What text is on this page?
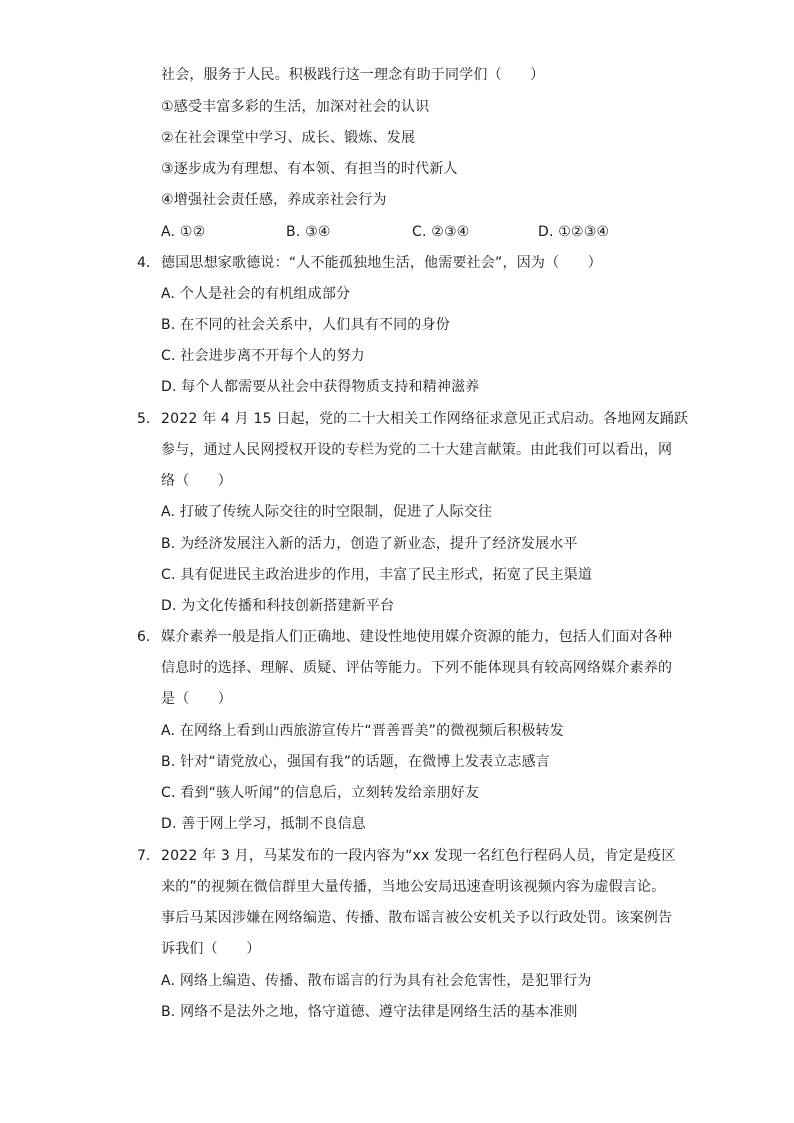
社会，服务于人民。积极践行这一理念有助于同学们（　　）
①感受丰富多彩的生活，加深对社会的认识
②在社会课堂中学习、成长、锻炼、发展
③逐步成为有理想、有本领、有担当的时代新人
④增强社会责任感，养成亲社会行为
A. ①②	B. ③④	C. ②③④	D. ①②③④
4. 德国思想家歌德说：“人不能孤独地生活，他需要社会”，因为（　　）
A. 个人是社会的有机组成部分
B. 在不同的社会关系中，人们具有不同的身份
C. 社会进步离不开每个人的努力
D. 每个人都需要从社会中获得物质支持和精神滋养
5. 2022 年 4 月 15 日起，党的二十大相关工作网络征求意见正式启动。各地网友踊跃
参与，通过人民网授权开设的专栏为党的二十大建言献策。由此我们可以看出，网
络（　　）
A. 打破了传统人际交往的时空限制，促进了人际交往
B. 为经济发展注入新的活力，创造了新业态，提升了经济发展水平
C. 具有促进民主政治进步的作用，丰富了民主形式，拓宽了民主渠道
D. 为文化传播和科技创新搭建新平台
6. 媒介素养一般是指人们正确地、建设性地使用媒介资源的能力，包括人们面对各种
信息时的选择、理解、质疑、评估等能力。下列不能体现具有较高网络媒介素养的
是（　　）
A. 在网络上看到山西旅游宣传片“晋善晋美”的微视频后积极转发
B. 针对“请党放心，强国有我”的话题，在微博上发表立志感言
C. 看到“骇人听闻”的信息后，立刻转发给亲朋好友
D. 善于网上学习，抵制不良信息
7. 2022 年 3 月，马某发布的一段内容为“xx 发现一名红色行程码人员，肯定是疫区
来的”的视频在微信群里大量传播，当地公安局迅速查明该视频内容为虚假言论。
事后马某因涉嫌在网络编造、传播、散布谣言被公安机关予以行政处罚。该案例告
诉我们（　　）
A. 网络上编造、传播、散布谣言的行为具有社会危害性，是犯罪行为
B. 网络不是法外之地，恪守道德、遵守法律是网络生活的基本准则
